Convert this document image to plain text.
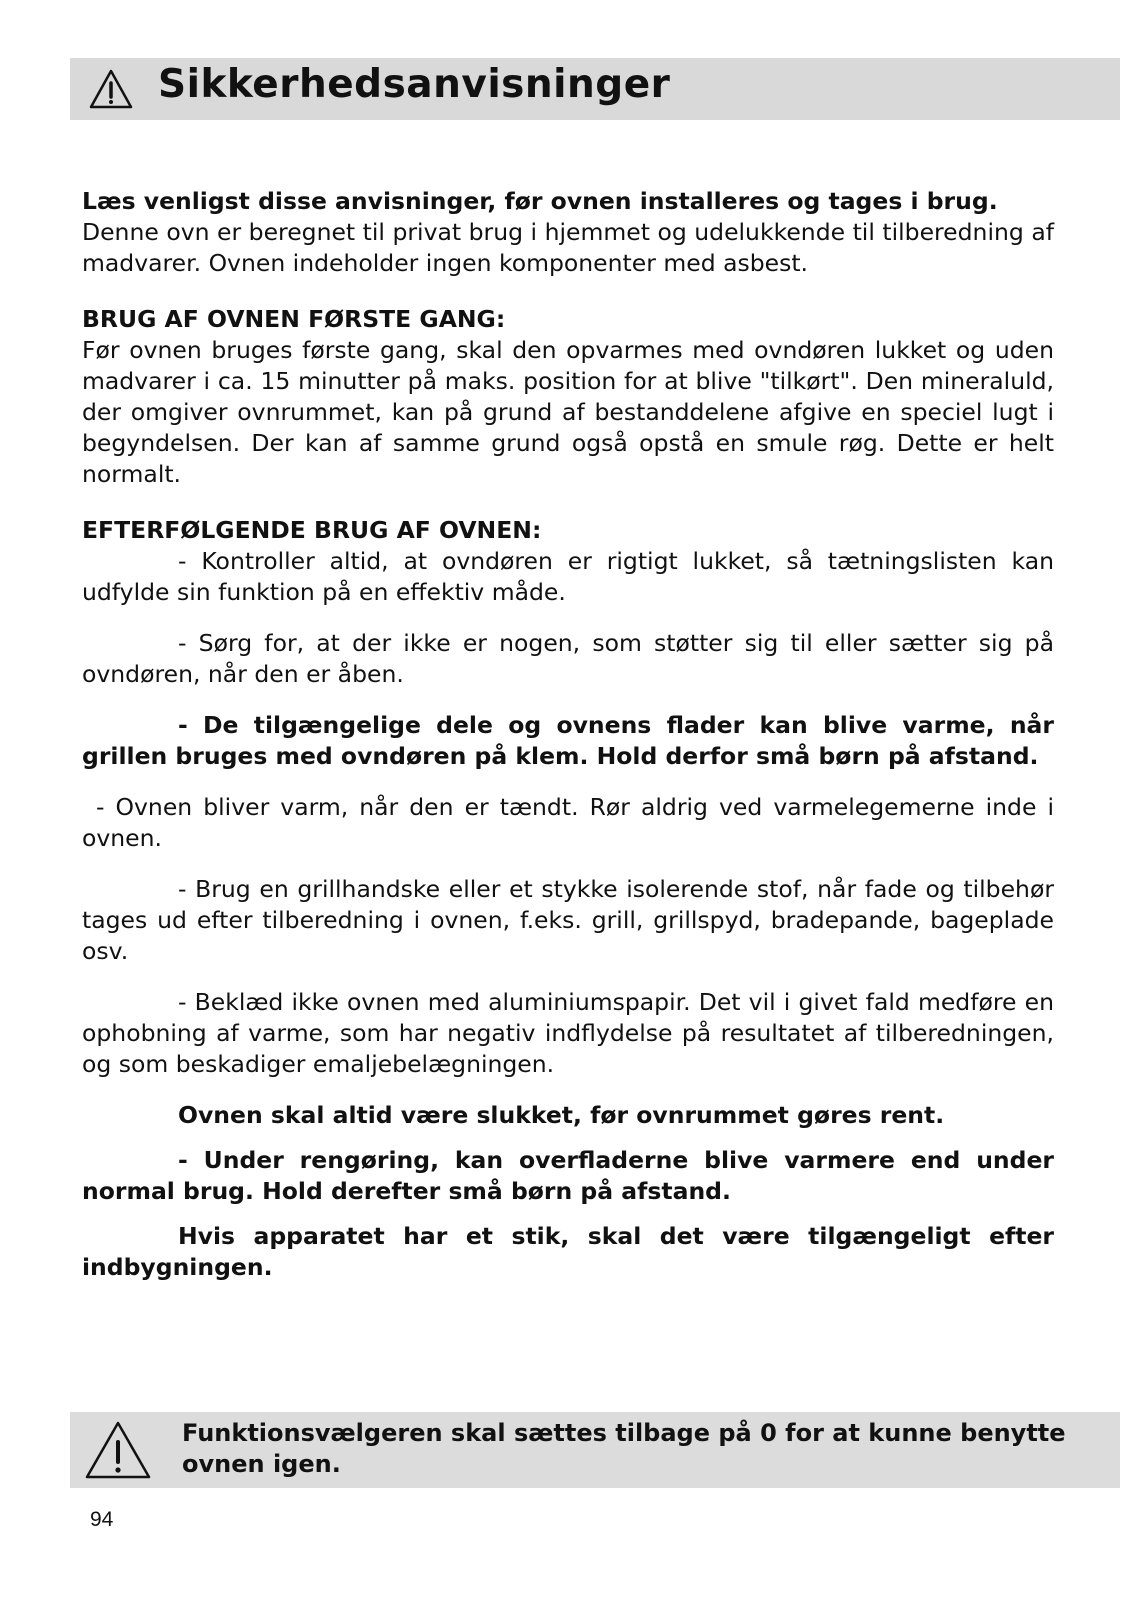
Sikkerhedsanvisninger

Læs venligst disse anvisninger, før ovnen installeres og tages i brug.

Denne ovn er beregnet til privat brug i hjemmet og udelukkende til tilberedning af madvarer. Ovnen indeholder ingen komponenter med asbest.

BRUG AF OVNEN FØRSTE GANG:

Før ovnen bruges første gang, skal den opvarmes med ovndøren lukket og uden madvarer i ca. 15 minutter på maks. position for at blive "tilkørt". Den mineraluld, der omgiver ovnrummet, kan på grund af bestanddelene afgive en speciel lugt i begyndelsen. Der kan af samme grund også opstå en smule røg. Dette er helt normalt.

EFTERFØLGENDE BRUG AF OVNEN:

- Kontroller altid, at ovndøren er rigtigt lukket, så tætningslisten kan udfylde sin funktion på en effektiv måde.

- Sørg for, at der ikke er nogen, som støtter sig til eller sætter sig på ovndøren, når den er åben.

- De tilgængelige dele og ovnens flader kan blive varme, når grillen bruges med ovndøren på klem. Hold derfor små børn på afstand.

- Ovnen bliver varm, når den er tændt. Rør aldrig ved varmelegemerne inde i ovnen.

- Brug en grillhandske eller et stykke isolerende stof, når fade og tilbehør tages ud efter tilberedning i ovnen, f.eks. grill, grillspyd, bradepande, bageplade osv.

- Beklæd ikke ovnen med aluminiumspapir. Det vil i givet fald medføre en ophobning af varme, som har negativ indflydelse på resultatet af tilberedningen, og som beskadiger emaljebelægningen.

Ovnen skal altid være slukket, før ovnrummet gøres rent.

- Under rengøring, kan overfladerne blive varmere end under normal brug. Hold derefter små børn på afstand.

Hvis apparatet har et stik, skal det være tilgængeligt efter indbygningen.

Funktionsvælgeren skal sættes tilbage på 0 for at kunne benytte ovnen igen.
94
